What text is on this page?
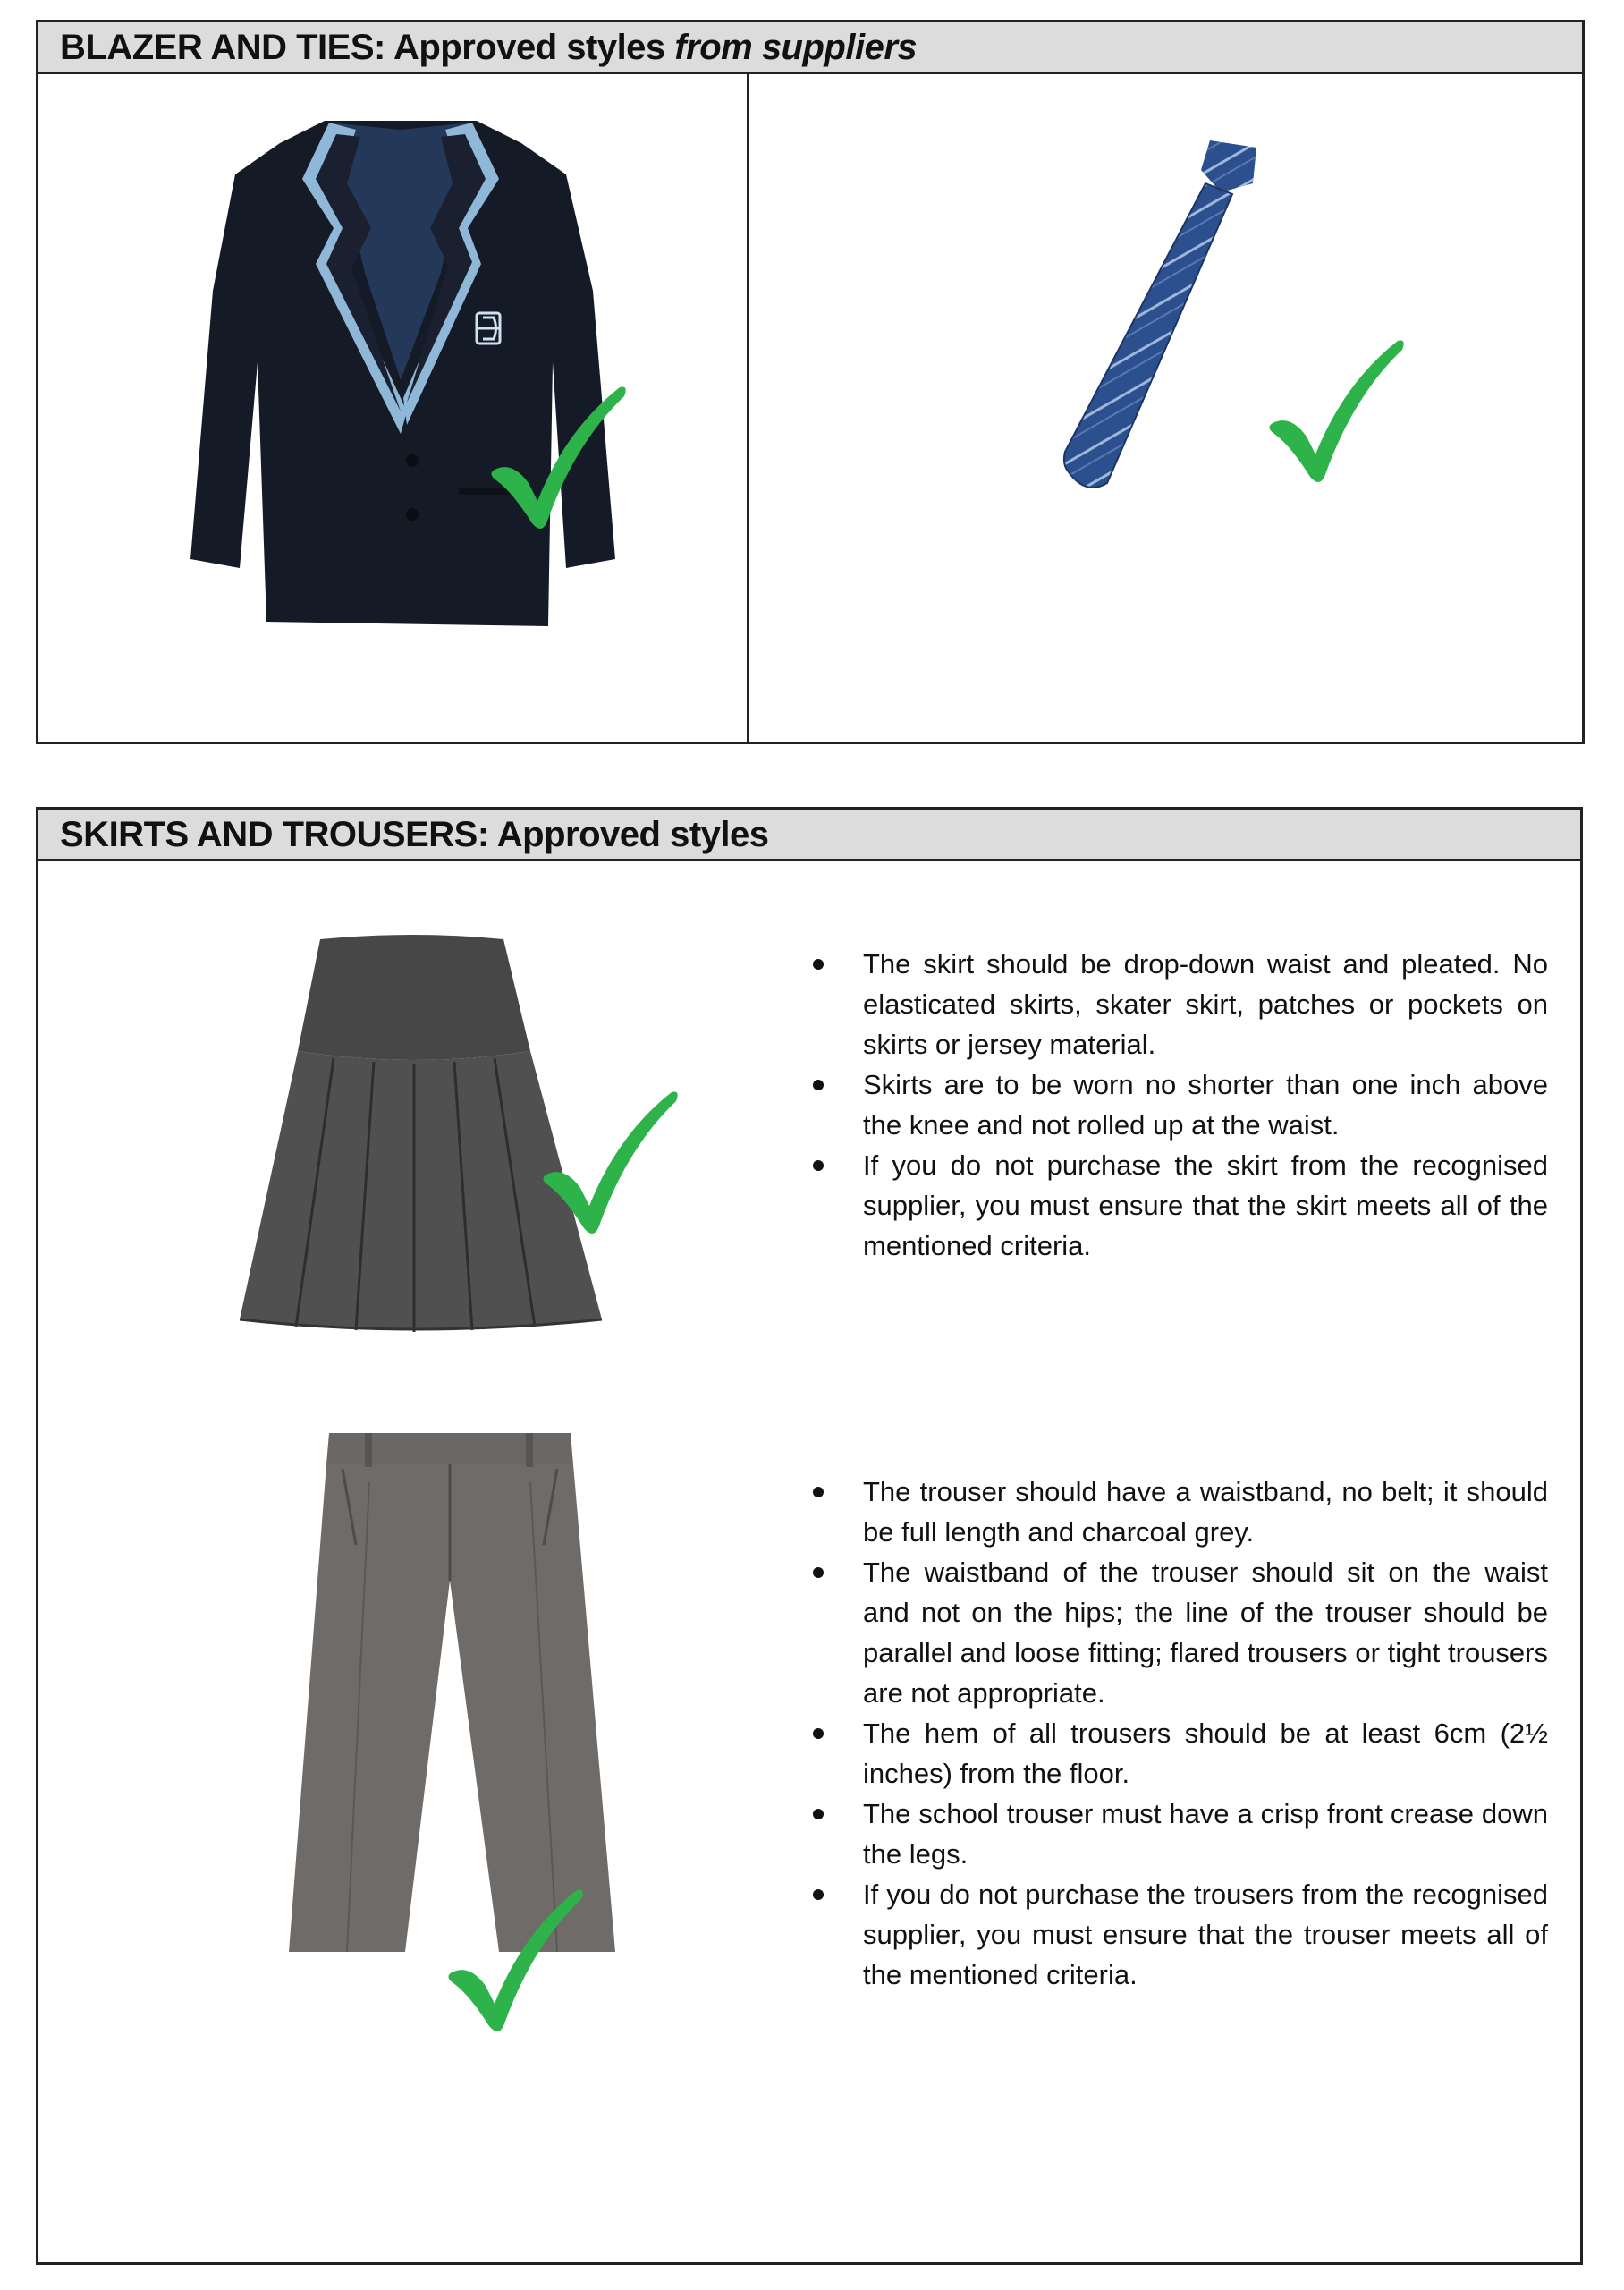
BLAZER AND TIES: Approved styles from suppliers
SKIRTS AND TROUSERS: Approved styles
The skirt should be drop-down waist and pleated. No elasticated skirts, skater skirt, patches or pockets on skirts or jersey material.
Skirts are to be worn no shorter than one inch above the knee and not rolled up at the waist.
If you do not purchase the skirt from the recognised supplier, you must ensure that the skirt meets all of the mentioned criteria.
The trouser should have a waistband, no belt; it should be full length and charcoal grey.
The waistband of the trouser should sit on the waist and not on the hips; the line of the trouser should be parallel and loose fitting; flared trousers or tight trousers are not appropriate.
The hem of all trousers should be at least 6cm (2½ inches) from the floor.
The school trouser must have a crisp front crease down the legs.
If you do not purchase the trousers from the recognised supplier, you must ensure that the trouser meets all of the mentioned criteria.
